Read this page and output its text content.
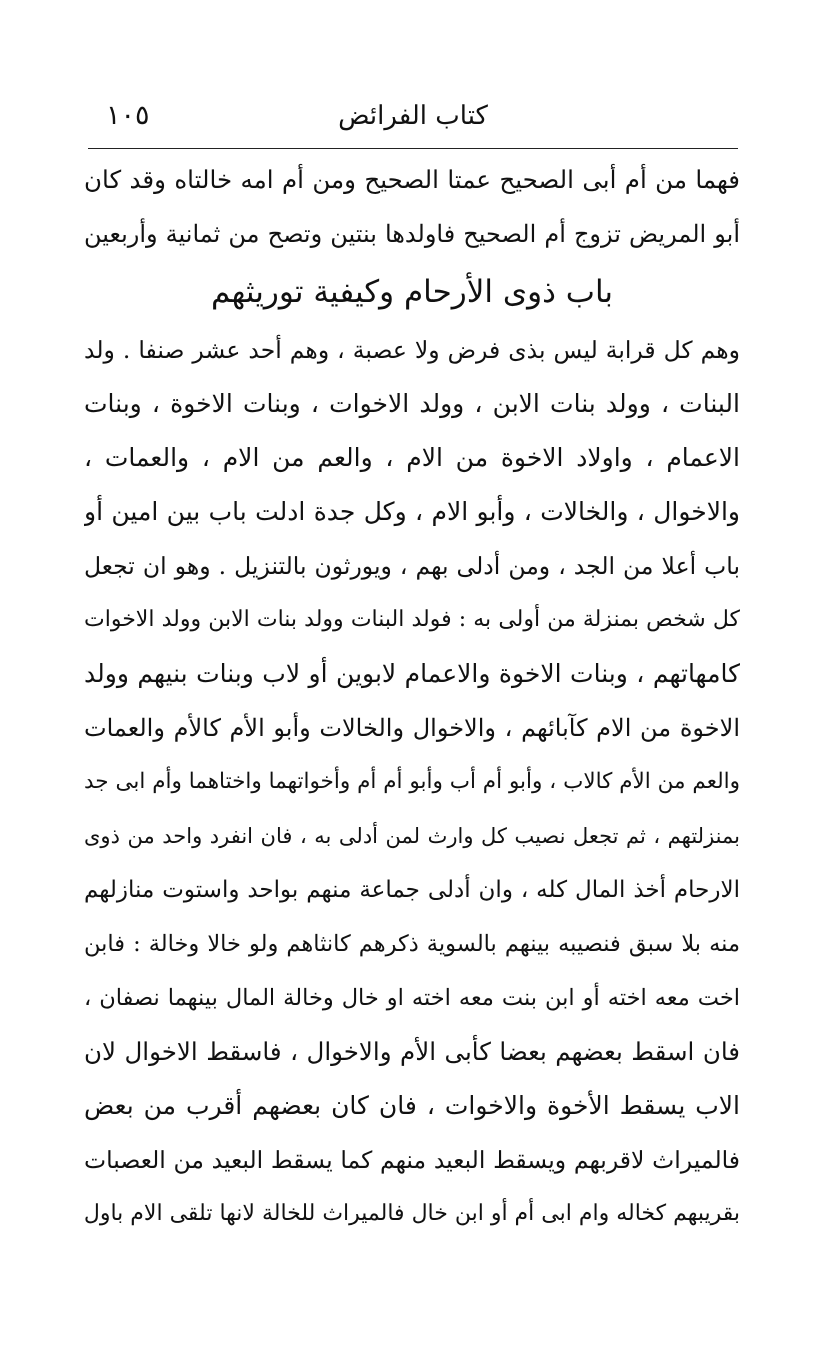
كتاب الفرائض
١٠٥
فهما من أم أبى الصحيح عمتا الصحيح ومن أم امه خالتاه وقد كان
أبو المريض تزوج أم الصحيح فاولدها بنتين وتصح من ثمانية وأربعين
باب ذوى الأرحام وكيفية توريثهم
وهم كل قرابة ليس بذى فرض ولا عصبة ، وهم أحد عشر صنفا . ولد
البنات ، وولد بنات الابن ، وولد الاخوات ، وبنات الاخوة ، وبنات
الاعمام ، واولاد الاخوة من الام ، والعم من الام ، والعمات ،
والاخوال ، والخالات ، وأبو الام ، وكل جدة ادلت باب بين امين أو
باب أعلا من الجد ، ومن أدلى بهم ، ويورثون بالتنزيل . وهو ان تجعل
كل شخص بمنزلة من أولى به : فولد البنات وولد بنات الابن وولد الاخوات
كامهاتهم ، وبنات الاخوة والاعمام لابوين أو لاب وبنات بنيهم وولد
الاخوة من الام كآبائهم ، والاخوال والخالات وأبو الأم كالأم والعمات
والعم من الأم كالاب ، وأبو أم أب وأبو أم أم وأخواتهما واختاهما وأم ابى جد
بمنزلتهم ، ثم تجعل نصيب كل وارث لمن أدلى به ، فان انفرد واحد من ذوى
الارحام أخذ المال كله ، وان أدلى جماعة منهم بواحد واستوت منازلهم
منه بلا سبق فنصيبه بينهم بالسوية ذكرهم كانثاهم ولو خالا وخالة : فابن
اخت معه اخته أو ابن بنت معه اخته او خال وخالة المال بينهما نصفان ،
فان اسقط بعضهم بعضا كأبى الأم والاخوال ، فاسقط الاخوال لان
الاب يسقط الأخوة والاخوات ، فان كان بعضهم أقرب من بعض
فالميراث لاقربهم ويسقط البعيد منهم كما يسقط البعيد من العصبات
بقريبهم كخاله وام ابى أم أو ابن خال فالميراث للخالة لانها تلقى الام باول
